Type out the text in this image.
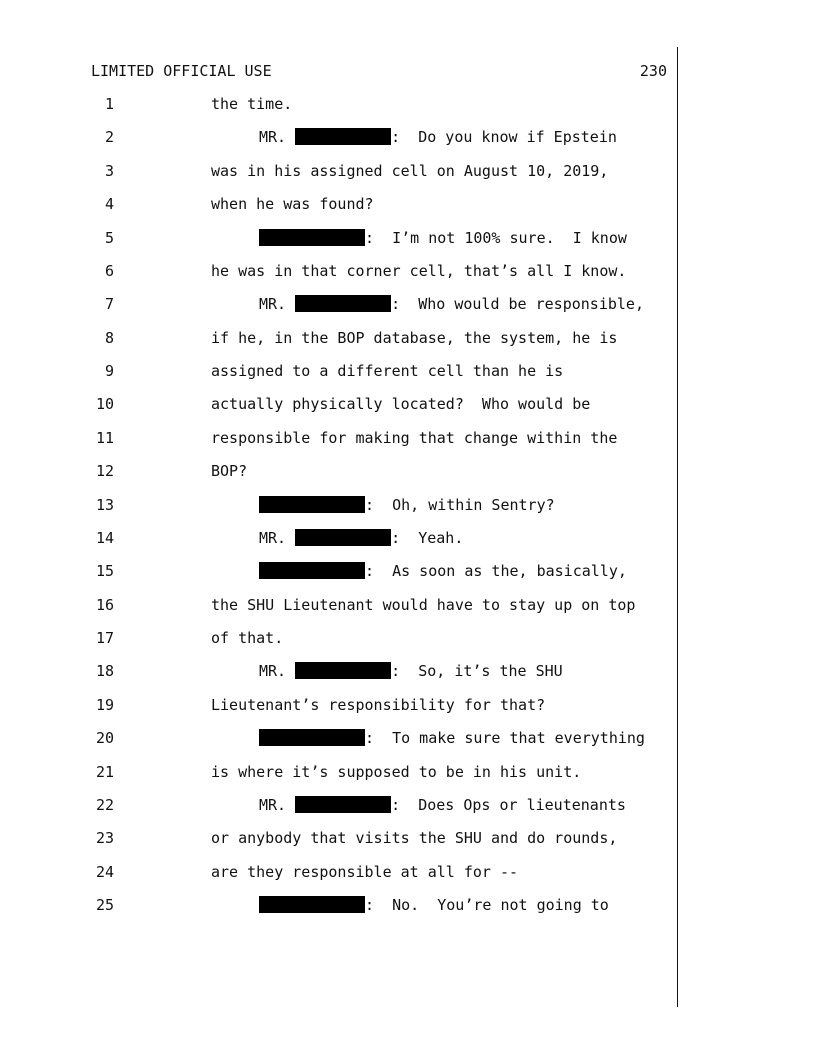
LIMITED OFFICIAL USE	230
1	the time.
2	MR.	:  Do you know if Epstein
3	was in his assigned cell on August 10, 2019,
4	when he was found?
5	:  I’m not 100% sure.  I know
6	he was in that corner cell, that’s all I know.
7	MR.	:  Who would be responsible,
8	if he, in the BOP database, the system, he is
9	assigned to a different cell than he is
10	actually physically located?  Who would be
11	responsible for making that change within the
12	BOP?
13	:  Oh, within Sentry?
14	MR.	:  Yeah.
15	:  As soon as the, basically,
16	the SHU Lieutenant would have to stay up on top
17	of that.
18	MR.	:  So, it’s the SHU
19	Lieutenant’s responsibility for that?
20	:  To make sure that everything
21	is where it’s supposed to be in his unit.
22	MR.	:  Does Ops or lieutenants
23	or anybody that visits the SHU and do rounds,
24	are they responsible at all for --
25	:  No.  You’re not going to
